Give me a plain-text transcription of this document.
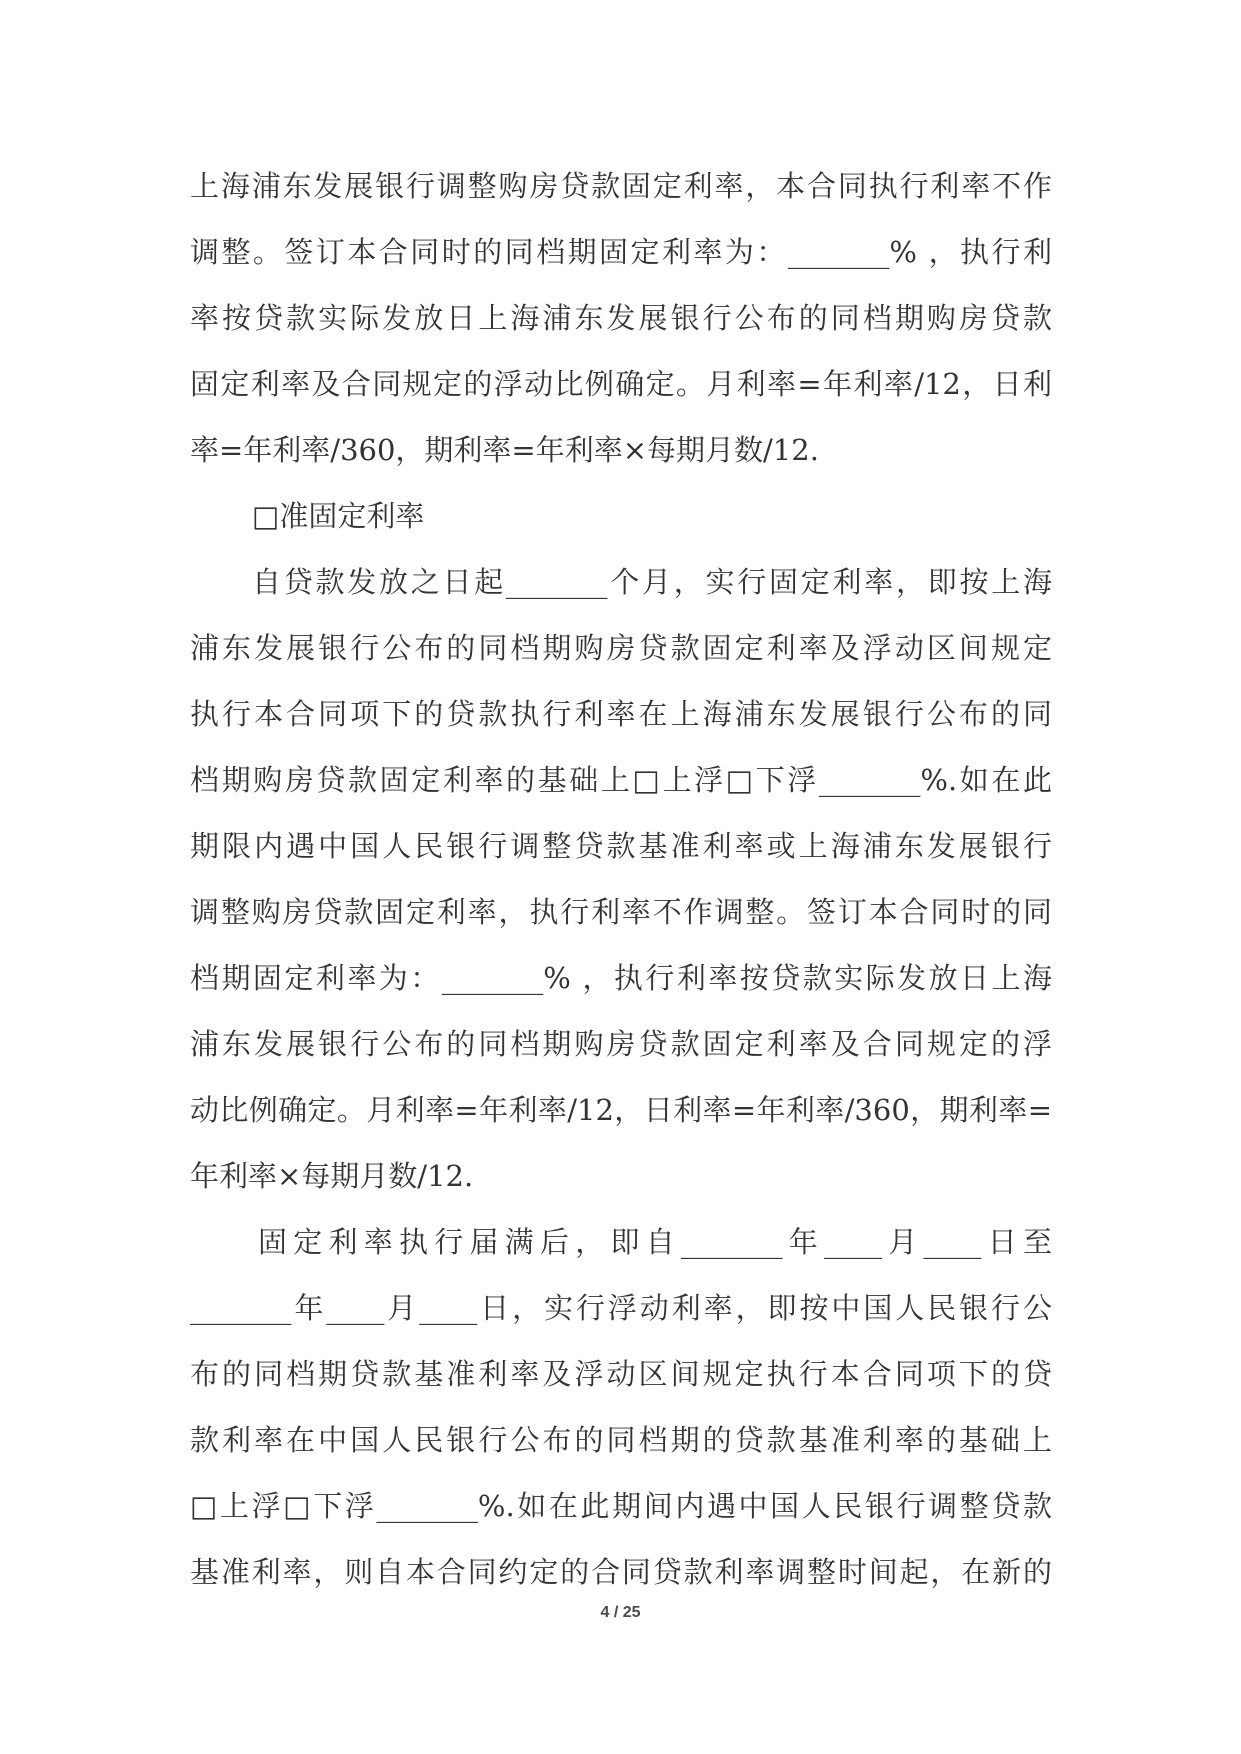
上海浦东发展银行调整购房贷款固定利率，本合同执行利率不作
调整。签订本合同时的同档期固定利率为：_______% ，执行利
率按贷款实际发放日上海浦东发展银行公布的同档期购房贷款
固定利率及合同规定的浮动比例确定。月利率=年利率/12，日利
率=年利率/360，期利率=年利率×每期月数/12.
□准固定利率
自贷款发放之日起_______个月，实行固定利率，即按上海
浦东发展银行公布的同档期购房贷款固定利率及浮动区间规定
执行本合同项下的贷款执行利率在上海浦东发展银行公布的同
档期购房贷款固定利率的基础上□上浮□下浮_______%.如在此
期限内遇中国人民银行调整贷款基准利率或上海浦东发展银行
调整购房贷款固定利率，执行利率不作调整。签订本合同时的同
档期固定利率为：_______% ，执行利率按贷款实际发放日上海
浦东发展银行公布的同档期购房贷款固定利率及合同规定的浮
动比例确定。月利率=年利率/12，日利率=年利率/360，期利率=
年利率×每期月数/12.
固定利率执行届满后，即自_______年____月____日至
_______年____月____日，实行浮动利率，即按中国人民银行公
布的同档期贷款基准利率及浮动区间规定执行本合同项下的贷
款利率在中国人民银行公布的同档期的贷款基准利率的基础上
□上浮□下浮_______%.如在此期间内遇中国人民银行调整贷款
基准利率，则自本合同约定的合同贷款利率调整时间起，在新的
4 / 25
